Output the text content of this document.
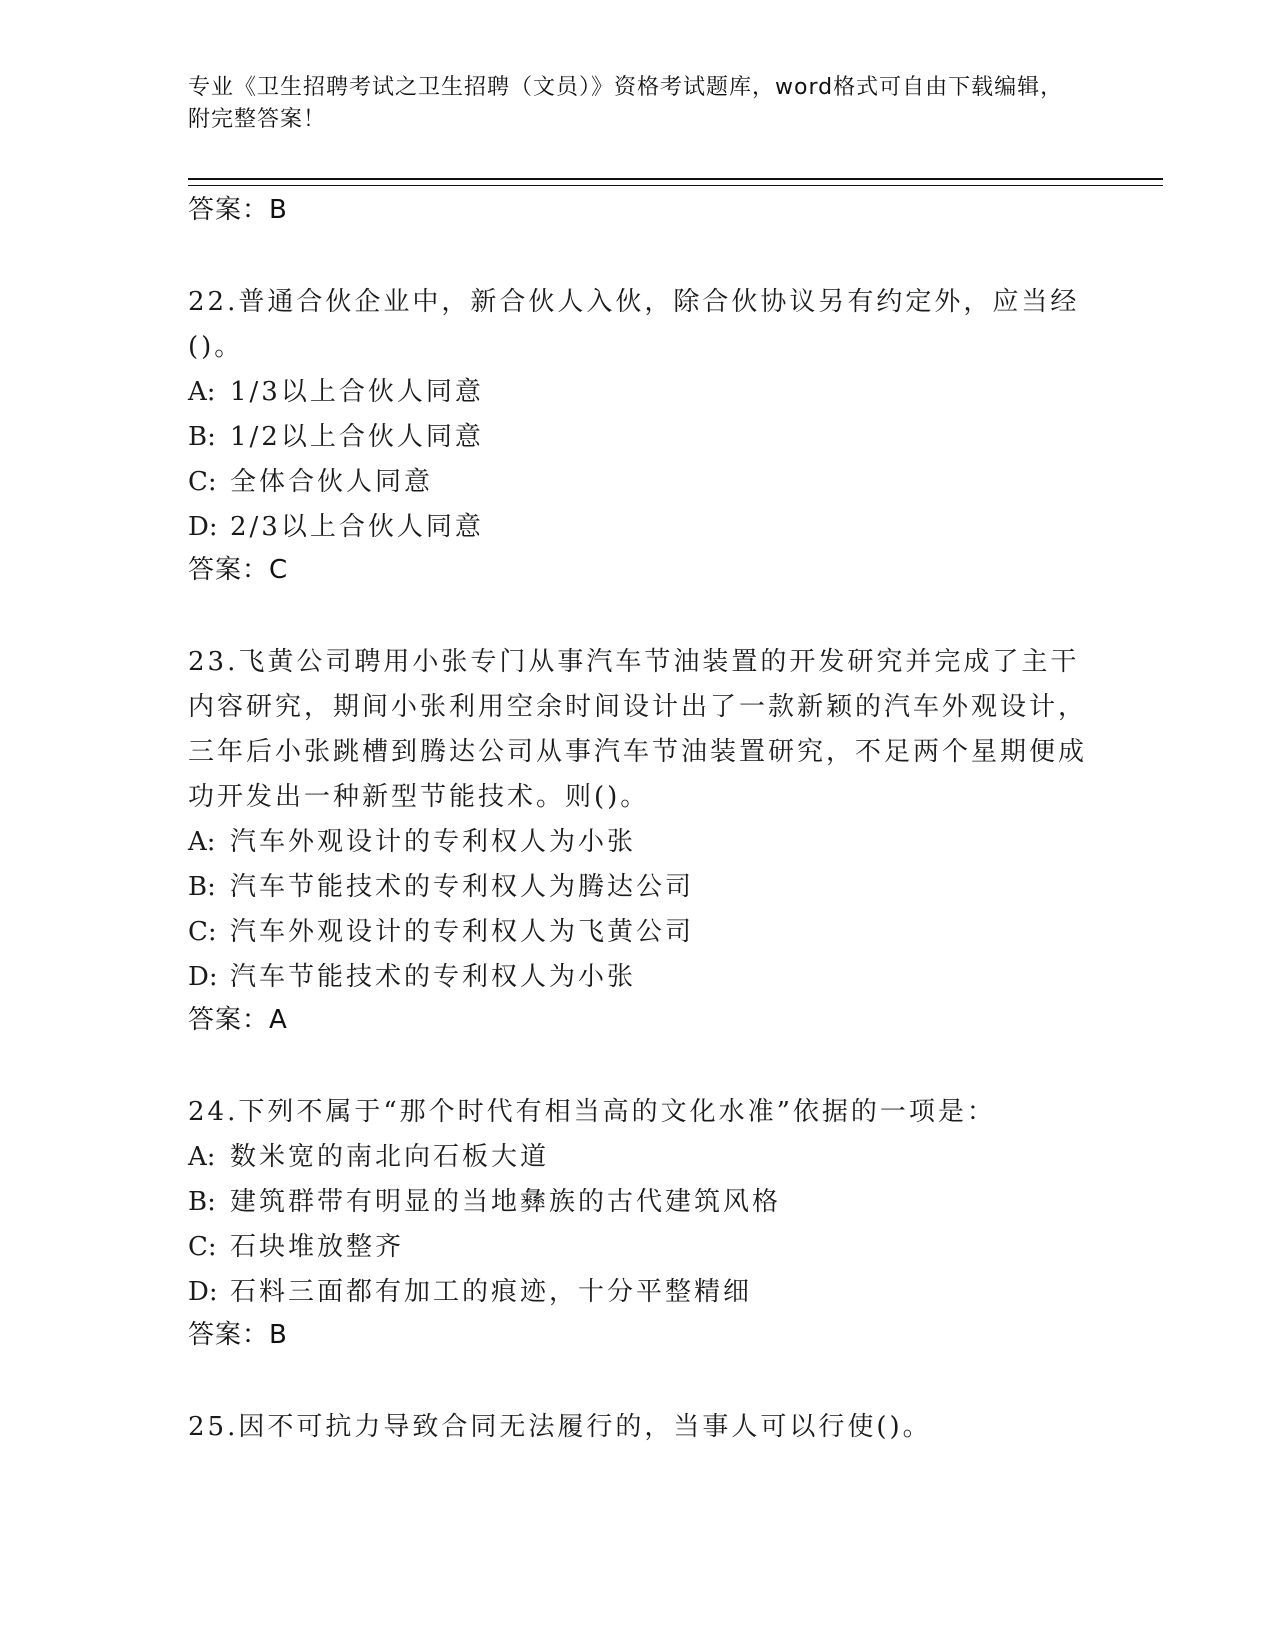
专业《卫生招聘考试之卫生招聘（文员）》资格考试题库，word格式可自由下载编辑，附完整答案！
答案：B

22.普通合伙企业中，新合伙人入伙，除合伙协议另有约定外，应当经()。

A: 1/3以上合伙人同意
B: 1/2以上合伙人同意
C: 全体合伙人同意
D: 2/3以上合伙人同意
答案：C

23.飞黄公司聘用小张专门从事汽车节油装置的开发研究并完成了主干内容研究，期间小张利用空余时间设计出了一款新颖的汽车外观设计，三年后小张跳槽到腾达公司从事汽车节油装置研究，不足两个星期便成功开发出一种新型节能技术。则()。

A: 汽车外观设计的专利权人为小张
B: 汽车节能技术的专利权人为腾达公司
C: 汽车外观设计的专利权人为飞黄公司
D: 汽车节能技术的专利权人为小张
答案：A

24.下列不属于“那个时代有相当高的文化水准”依据的一项是：

A: 数米宽的南北向石板大道
B: 建筑群带有明显的当地彝族的古代建筑风格
C: 石块堆放整齐
D: 石料三面都有加工的痕迹，十分平整精细
答案：B

25.因不可抗力导致合同无法履行的，当事人可以行使()。
